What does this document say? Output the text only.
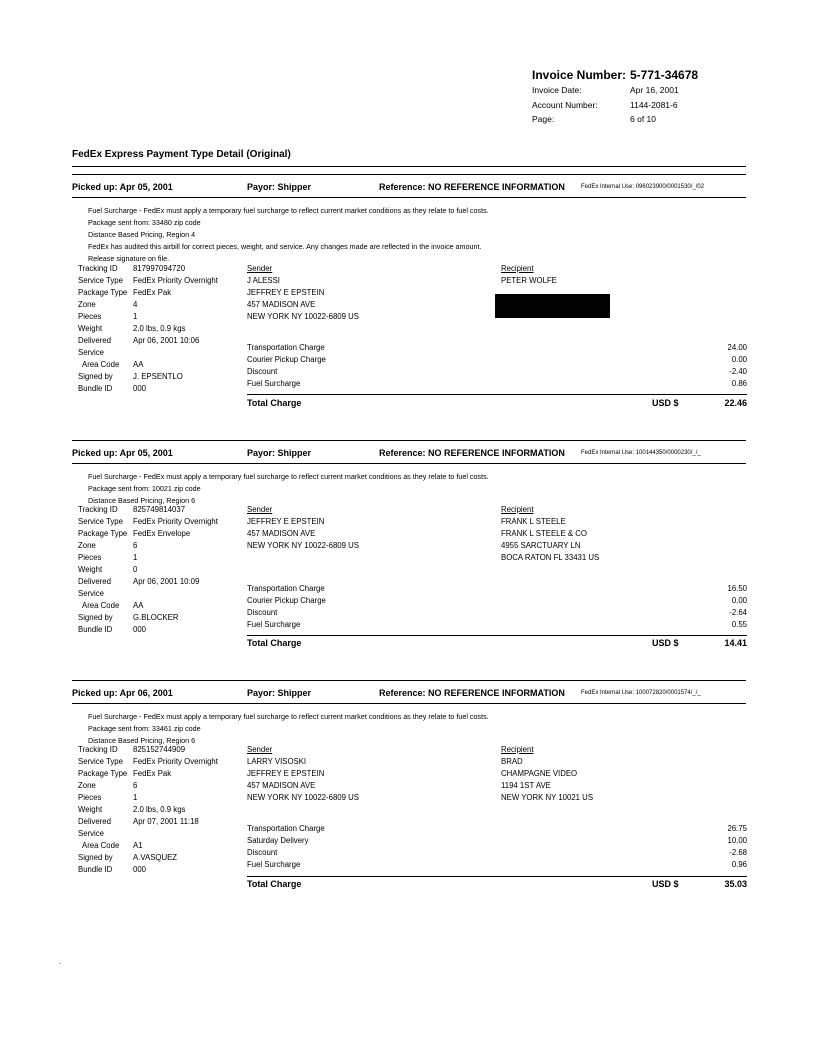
Invoice Number: 5-771-34678
Invoice Date:	Apr 16, 2001
Account Number:	1144-2081-6
Page:	6 of 10
FedEx Express Payment Type Detail (Original)
Picked up: Apr 05, 2001	Payor: Shipper	Reference: NO REFERENCE INFORMATION	FedEx Internal Use: 096023900/0001530/_/02
Fuel Surcharge - FedEx must apply a temporary fuel surcharge to reflect current market conditions as they relate to fuel costs.
Package sent from: 33480 zip code
Distance Based Pricing, Region 4
FedEx has audited this airbill for correct pieces, weight, and service. Any changes made are reflected in the invoice amount.
Release signature on file.
Tracking ID	817997094720
Service Type	FedEx Priority Overnight
Package Type FedEx Pak
Zone	4
Pieces	1
Weight	2.0 lbs, 0.9 kgs
Delivered	Apr 06, 2001 10:06
Service
Area Code	AA
Signed by	J. EPSENTLO
Bundle ID	000
Sender
J ALESSI
JEFFREY E EPSTEIN
457 MADISON AVE
NEW YORK NY 10022-6809 US
Recipient
PETER WOLFE
Transportation Charge	24.00
Courier Pickup Charge	0.00
Discount	-2.40
Fuel Surcharge	0.86
Total Charge	USD $	22.46
Picked up: Apr 05, 2001	Payor: Shipper	Reference: NO REFERENCE INFORMATION	FedEx Internal Use: 100144350/0000230/_/_
Fuel Surcharge - FedEx must apply a temporary fuel surcharge to reflect current market conditions as they relate to fuel costs.
Package sent from: 10021 zip code
Distance Based Pricing, Region 6
Tracking ID	825749814037
Service Type	FedEx Priority Overnight
Package Type FedEx Envelope
Zone	6
Pieces	1
Weight	0
Delivered	Apr 06, 2001 10:09
Service
Area Code	AA
Signed by	G.BLOCKER
Bundle ID	000
Sender
JEFFREY E EPSTEIN
457 MADISON AVE
NEW YORK NY 10022-6809 US
Recipient
FRANK L STEELE
FRANK L STEELE & CO
4955 SARCTUARY LN
BOCA RATON FL 33431 US
Transportation Charge	16.50
Courier Pickup Charge	0.00
Discount	-2.64
Fuel Surcharge	0.55
Total Charge	USD $	14.41
Picked up: Apr 06, 2001	Payor: Shipper	Reference: NO REFERENCE INFORMATION	FedEx Internal Use: 100072820/0001574/_/_
Fuel Surcharge - FedEx must apply a temporary fuel surcharge to reflect current market conditions as they relate to fuel costs.
Package sent from: 33461 zip code
Distance Based Pricing, Region 6
Tracking ID	825152744909
Service Type	FedEx Priority Overnight
Package Type FedEx Pak
Zone	6
Pieces	1
Weight	2.0 lbs, 0.9 kgs
Delivered	Apr 07, 2001 11:18
Service
Area Code	A1
Signed by	A.VASQUEZ
Bundle ID	000
Sender
LARRY VISOSKI
JEFFREY E EPSTEIN
457 MADISON AVE
NEW YORK NY 10022-6809 US
Recipient
BRAD
CHAMPAGNE VIDEO
1194 1ST AVE
NEW YORK NY 10021 US
Transportation Charge	26.75
Saturday Delivery	10.00
Discount	-2.68
Fuel Surcharge	0.96
Total Charge	USD $	35.03
.
